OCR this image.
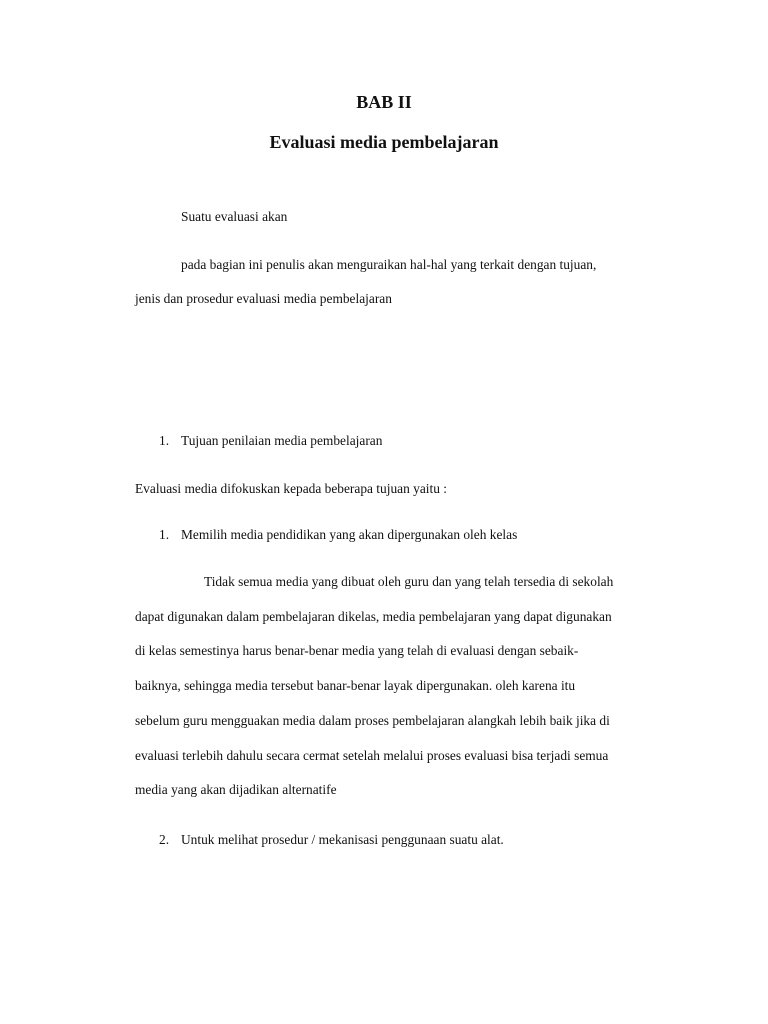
BAB II
Evaluasi media pembelajaran

Suatu evaluasi akan

pada bagian ini penulis akan menguraikan hal-hal yang terkait dengan tujuan,

jenis dan prosedur evaluasi media pembelajaran

1. Tujuan penilaian media pembelajaran

Evaluasi media difokuskan kepada beberapa tujuan yaitu :

1. Memilih media pendidikan yang akan dipergunakan oleh kelas

Tidak semua media yang dibuat oleh guru dan yang telah tersedia di sekolah

dapat digunakan dalam pembelajaran dikelas, media pembelajaran yang dapat digunakan

di kelas semestinya harus benar-benar media yang telah di evaluasi dengan sebaik-

baiknya, sehingga media tersebut banar-benar layak dipergunakan. oleh karena itu

sebelum guru mengguakan media dalam proses pembelajaran alangkah lebih baik jika di

evaluasi terlebih dahulu secara cermat setelah melalui proses evaluasi bisa terjadi semua

media yang akan dijadikan alternatife

2. Untuk melihat prosedur / mekanisasi penggunaan suatu alat.
